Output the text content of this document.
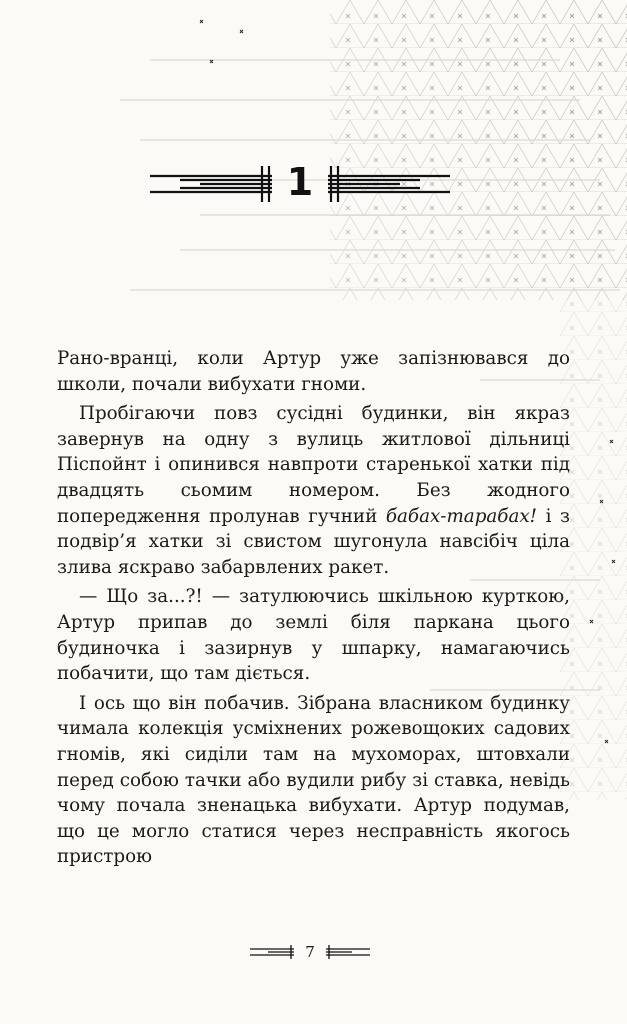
1

Рано-вранці, коли Артур уже запізнювався до школи, почали вибухати гноми.

Пробігаючи повз сусідні будинки, він якраз завернув на одну з вулиць житлової дільниці Піспойнт і опинився навпроти старенької хатки під двадцять сьомим номером. Без жодного попередження пролунав гучний бабах-тарабах! і з подвір’я хатки зі свистом шугонула навсібіч ціла злива яскраво забарвлених ракет.

— Що за...?! — затулюючись шкільною курткою, Артур припав до землі біля паркана цього будиночка і зазирнув у шпарку, намагаючись побачити, що там діється.

І ось що він побачив. Зібрана власником будинку чимала колекція усміхнених рожевощоких садових гномів, які сиділи там на мухоморах, штовхали перед собою тачки або вудили рибу зі ставка, невідь чому почала зненацька вибухати. Артур подумав, що це могло статися через несправність якогось пристрою

7
